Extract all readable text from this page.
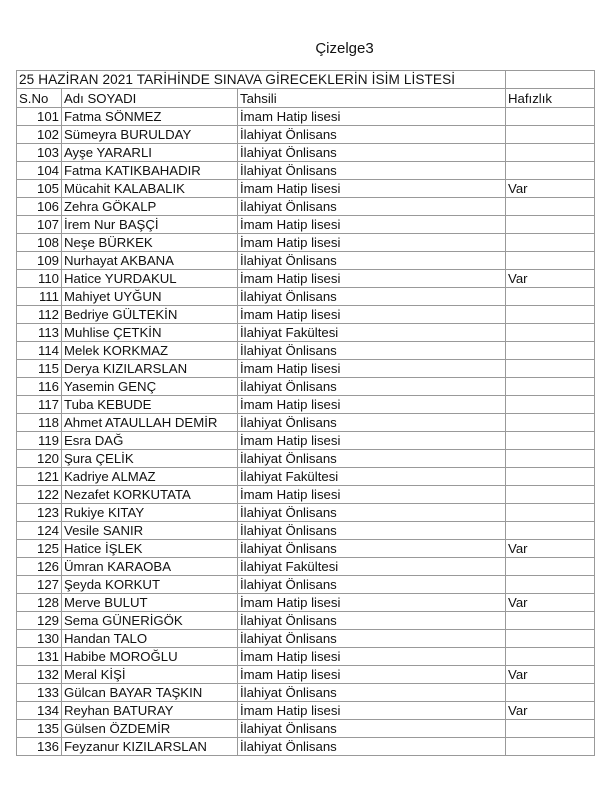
Çizelge3
25 HAZİRAN 2021 TARİHİNDE SINAVA GİRECEKLERİN İSİM LİSTESİ			
S.No	Adı SOYADI	Tahsili	Hafızlık
101	Fatma SÖNMEZ	İmam Hatip lisesi	
102	Sümeyra BURULDAY	İlahiyat Önlisans	
103	Ayşe YARARLI	İlahiyat Önlisans	
104	Fatma KATIKBAHADIR	İlahiyat Önlisans	
105	Mücahit KALABALIK	İmam Hatip lisesi	Var
106	Zehra GÖKALP	İlahiyat Önlisans	
107	İrem Nur BAŞÇİ	İmam Hatip lisesi	
108	Neşe BÜRKEK	İmam Hatip lisesi	
109	Nurhayat AKBANA	İlahiyat Önlisans	
110	Hatice YURDAKUL	İmam Hatip lisesi	Var
111	Mahiyet UYĞUN	İlahiyat Önlisans	
112	Bedriye GÜLTEKİN	İmam Hatip lisesi	
113	Muhlise ÇETKİN	İlahiyat Fakültesi	
114	Melek KORKMAZ	İlahiyat Önlisans	
115	Derya KIZILARSLAN	İmam Hatip lisesi	
116	Yasemin GENÇ	İlahiyat Önlisans	
117	Tuba KEBUDE	İmam Hatip lisesi	
118	Ahmet ATAULLAH DEMİR	İlahiyat Önlisans	
119	Esra DAĞ	İmam Hatip lisesi	
120	Şura ÇELİK	İlahiyat Önlisans	
121	Kadriye ALMAZ	İlahiyat Fakültesi	
122	Nezafet KORKUTATA	İmam Hatip lisesi	
123	Rukiye KITAY	İlahiyat Önlisans	
124	Vesile SANIR	İlahiyat Önlisans	
125	Hatice İŞLEK	İlahiyat Önlisans	Var
126	Ümran KARAOBA	İlahiyat Fakültesi	
127	Şeyda KORKUT	İlahiyat Önlisans	
128	Merve BULUT	İmam Hatip lisesi	Var
129	Sema GÜNERİGÖK	İlahiyat Önlisans	
130	Handan TALO	İlahiyat Önlisans	
131	Habibe MOROĞLU	İmam Hatip lisesi	
132	Meral KİŞİ	İmam Hatip lisesi	Var
133	Gülcan BAYAR TAŞKIN	İlahiyat Önlisans	
134	Reyhan BATURAY	İmam Hatip lisesi	Var
135	Gülsen ÖZDEMİR	İlahiyat Önlisans	
136	Feyzanur KIZILARSLAN	İlahiyat Önlisans	
